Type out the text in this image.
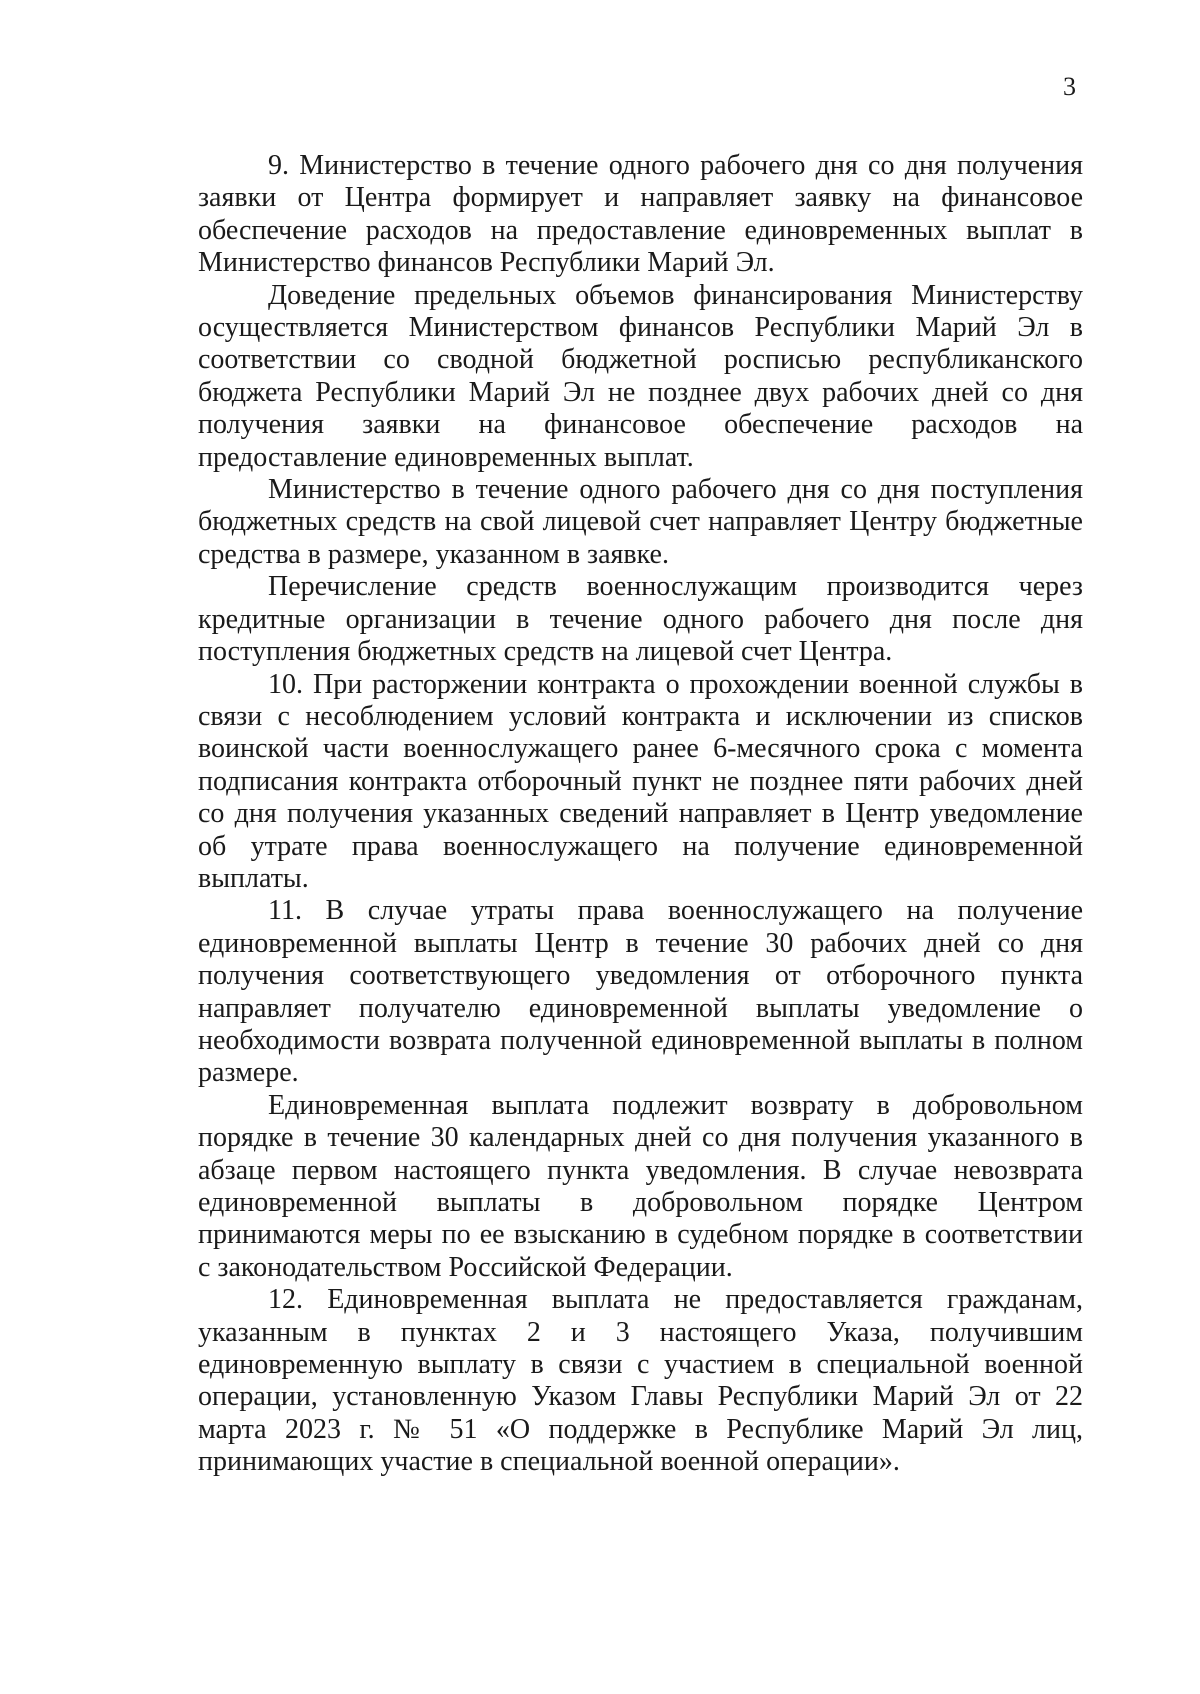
3

9. Министерство в течение одного рабочего дня со дня получения заявки от Центра формирует и направляет заявку на финансовое обеспечение расходов на предоставление единовременных выплат в Министерство финансов Республики Марий Эл.

Доведение предельных объемов финансирования Министерству осуществляется Министерством финансов Республики Марий Эл в соответствии со сводной бюджетной росписью республиканского бюджета Республики Марий Эл не позднее двух рабочих дней со дня получения заявки на финансовое обеспечение расходов на предоставление единовременных выплат.

Министерство в течение одного рабочего дня со дня поступления бюджетных средств на свой лицевой счет направляет Центру бюджетные средства в размере, указанном в заявке.

Перечисление средств военнослужащим производится через кредитные организации в течение одного рабочего дня после дня поступления бюджетных средств на лицевой счет Центра.

10. При расторжении контракта о прохождении военной службы в связи с несоблюдением условий контракта и исключении из списков воинской части военнослужащего ранее 6-месячного срока с момента подписания контракта отборочный пункт не позднее пяти рабочих дней со дня получения указанных сведений направляет в Центр уведомление об утрате права военнослужащего на получение единовременной выплаты.

11. В случае утраты права военнослужащего на получение единовременной выплаты Центр в течение 30 рабочих дней со дня получения соответствующего уведомления от отборочного пункта направляет получателю единовременной выплаты уведомление о необходимости возврата полученной единовременной выплаты в полном размере.

Единовременная выплата подлежит возврату в добровольном порядке в течение 30 календарных дней со дня получения указанного в абзаце первом настоящего пункта уведомления. В случае невозврата единовременной выплаты в добровольном порядке Центром принимаются меры по ее взысканию в судебном порядке в соответствии с законодательством Российской Федерации.

12. Единовременная выплата не предоставляется гражданам, указанным в пунктах 2 и 3 настоящего Указа, получившим единовременную выплату в связи с участием в специальной военной операции, установленную Указом Главы Республики Марий Эл от 22 марта 2023 г. № 51 «О поддержке в Республике Марий Эл лиц, принимающих участие в специальной военной операции».
